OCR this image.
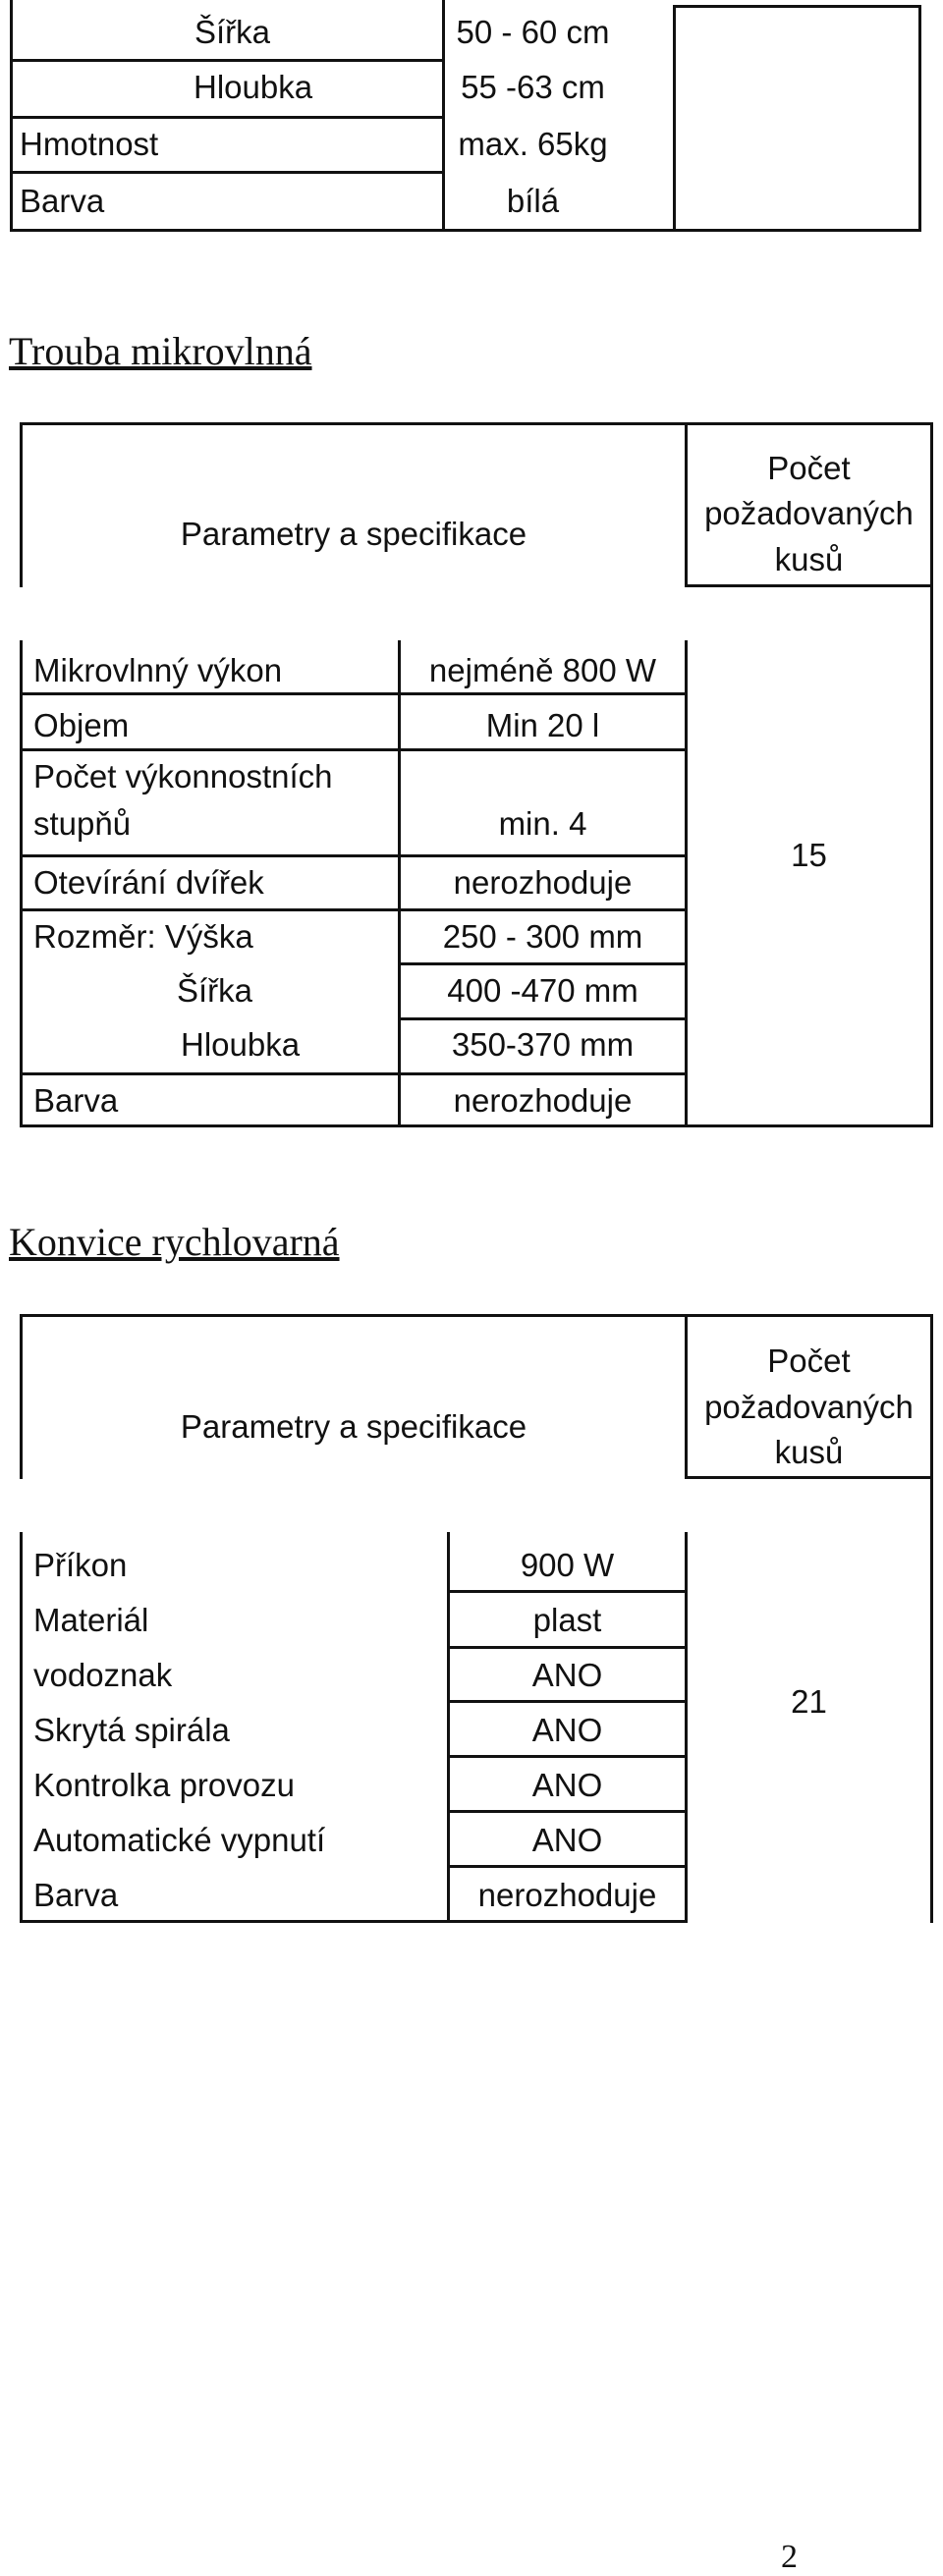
Šířka	50 - 60 cm
Hloubka	55 -63 cm
Hmotnost	max. 65kg
Barva	bílá
Trouba mikrovlnná
Parametry a specifikace
Počet
požadovaných
kusů
Mikrovlnný výkon	nejméně 800 W
Objem	Min 20 l
Počet výkonnostních
stupňů	min. 4
Otevírání dvířek	nerozhoduje
Rozměr: Výška	250 - 300 mm
Šířka	400 -470 mm
Hloubka	350-370 mm
Barva	nerozhoduje
15
Konvice rychlovarná
Parametry a specifikace
Počet
požadovaných
kusů
Příkon	900 W
Materiál	plast
vodoznak	ANO
Skrytá spirála	ANO
Kontrolka provozu	ANO
Automatické vypnutí	ANO
Barva	nerozhoduje
21
2
